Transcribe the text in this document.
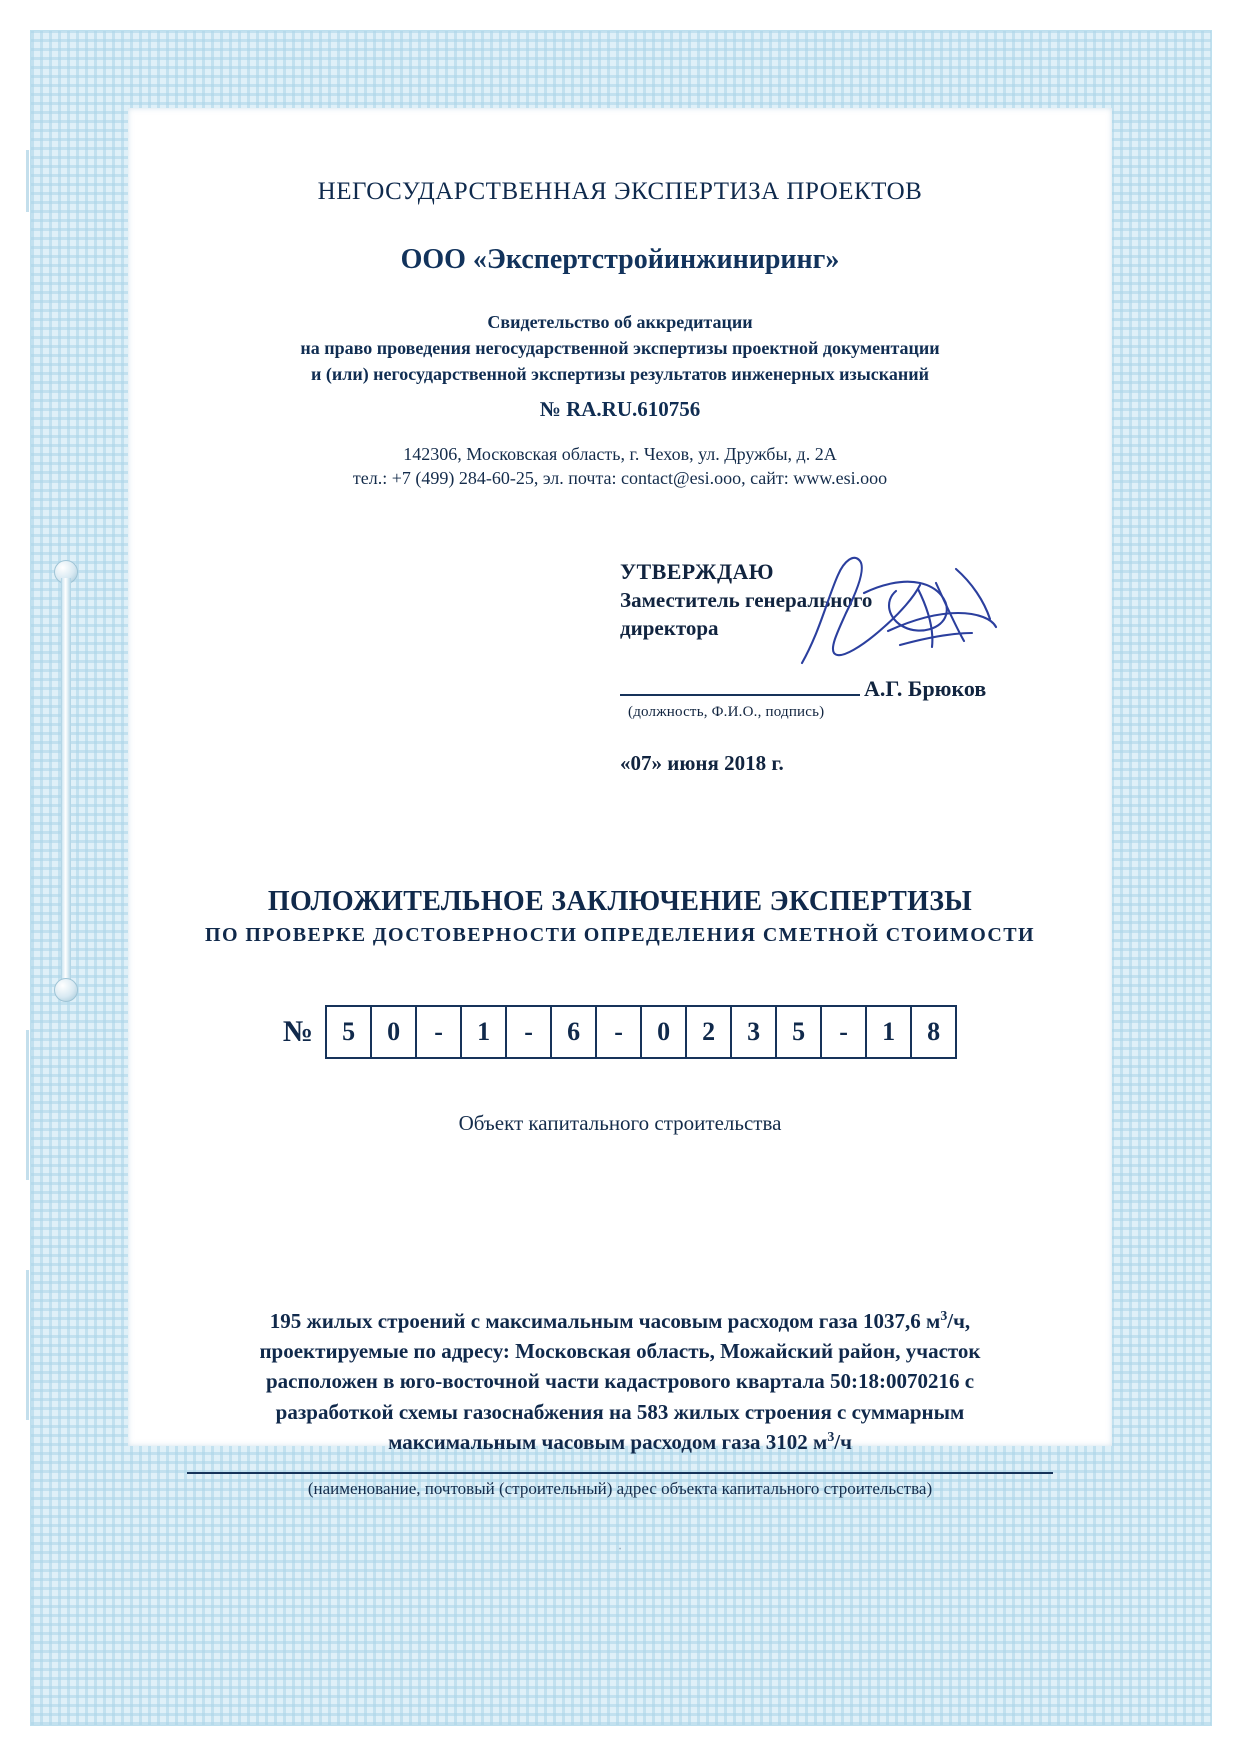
НЕГОСУДАРСТВЕННАЯ ЭКСПЕРТИЗА ПРОЕКТОВ
ООО «Экспертстройинжиниринг»
Свидетельство об аккредитации
на право проведения негосударственной экспертизы проектной документации
и (или) негосударственной экспертизы результатов инженерных изысканий
№ RA.RU.610756
142306, Московская область, г. Чехов, ул. Дружбы, д. 2А
тел.: +7 (499) 284-60-25, эл. почта: contact@esi.ooo, сайт: www.esi.ooo
УТВЕРЖДАЮ
Заместитель генерального
директора
А.Г. Брюков
(должность, Ф.И.О., подпись)
«07» июня 2018 г.
ПОЛОЖИТЕЛЬНОЕ ЗАКЛЮЧЕНИЕ ЭКСПЕРТИЗЫ
ПО ПРОВЕРКЕ ДОСТОВЕРНОСТИ ОПРЕДЕЛЕНИЯ СМЕТНОЙ СТОИМОСТИ
№	5	0	-	1	-	6	-	0	2	3	5	-	1	8
Объект капитального строительства
195 жилых строений с максимальным часовым расходом газа 1037,6 $м^3/ч$,
проектируемые по адресу: Московская область, Можайский район, участок
расположен в юго-восточной части кадастрового квартала 50:18:0070216 с
разработкой схемы газоснабжения на 583 жилых строения с суммарным
максимальным часовым расходом газа 3102 $м^3/ч$
(наименование, почтовый (строительный) адрес объекта капитального строительства)
·
